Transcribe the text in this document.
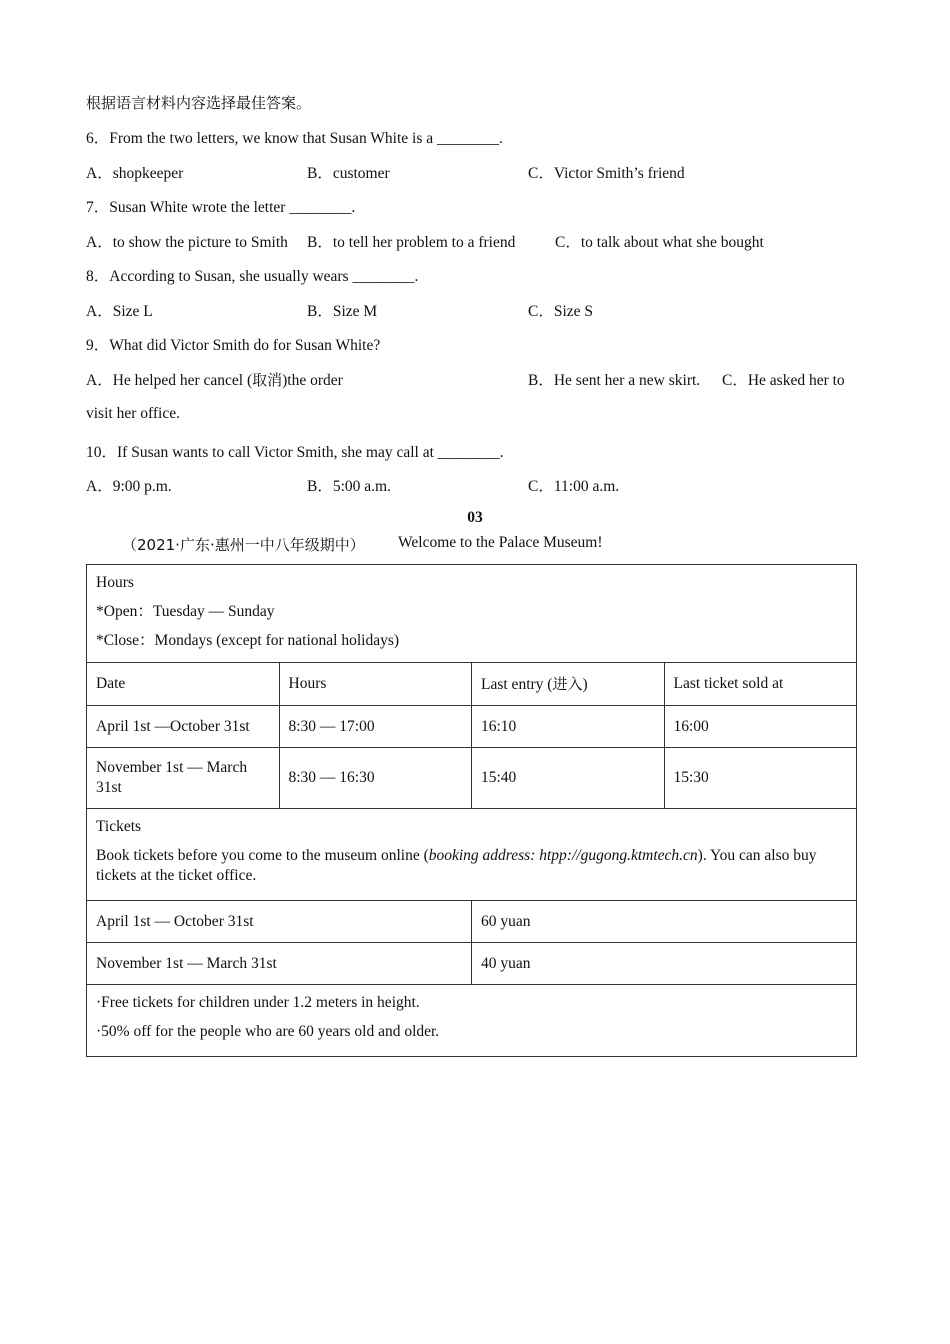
根据语言材料内容选择最佳答案。
6．From the two letters, we know that Susan White is a ________.
A．shopkeeper	B．customer	C．Victor Smith’s friend
7．Susan White wrote the letter ________.
A．to show the picture to Smith B．to tell her problem to a friend	C．to talk about what she bought
8．According to Susan, she usually wears ________.
A．Size L	B．Size M	C．Size S
9．What did Victor Smith do for Susan White?
A．He helped her cancel (取消)the order	B．He sent her a new skirt. C．He asked her to
visit her office.
10．If Susan wants to call Victor Smith, she may call at ________.
A．9:00 p.m.	B．5:00 a.m.	C．11:00 a.m.
03
（2021·广东·惠州一中八年级期中） Welcome to the Palace Museum!
Hours
*Open：Tuesday — Sunday
*Close：Mondays (except for national holidays)			

Date	Hours	Last entry (进入)	Last ticket sold at
April 1st —October 31st	8:30 — 17:00	16:10	16:00
November 1st — March 31st	8:30 — 16:30	15:40	15:30

Tickets
Book tickets before you come to the museum online (booking address: htpp://gugong.ktmtech.cn). You can also buy tickets at the ticket office.			

April 1st — October 31st		60 yuan	
November 1st — March 31st		40 yuan	

·Free tickets for children under 1.2 meters in height.
·50% off for the people who are 60 years old and older.			
